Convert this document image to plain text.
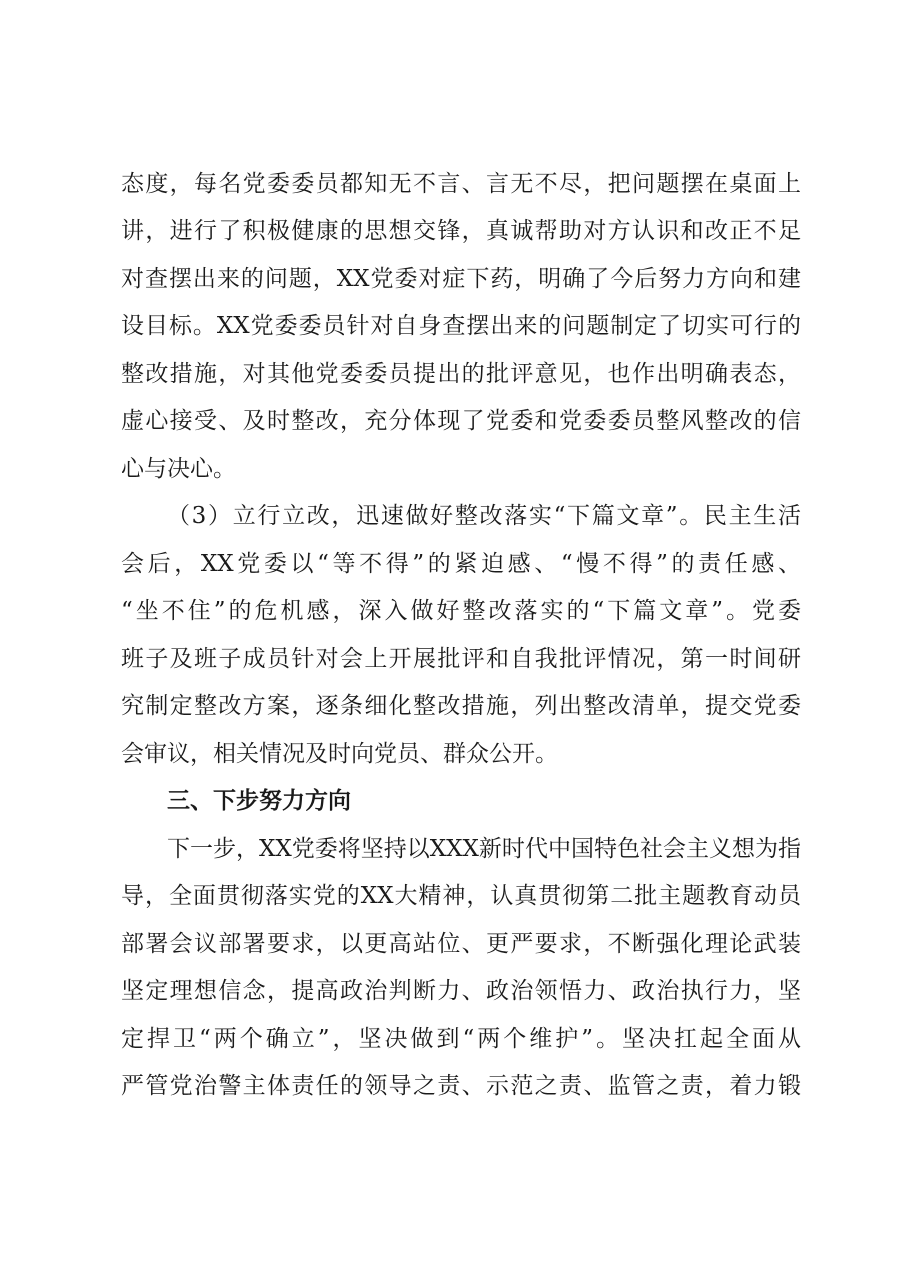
态度，每名党委委员都知无不言、言无不尽，把问题摆在桌面上
讲，进行了积极健康的思想交锋，真诚帮助对方认识和改正不足
对查摆出来的问题，XX党委对症下药，明确了今后努力方向和建
设目标。XX党委委员针对自身查摆出来的问题制定了切实可行的
整改措施，对其他党委委员提出的批评意见，也作出明确表态，
虚心接受、及时整改，充分体现了党委和党委委员整风整改的信
心与决心。
（3）立行立改，迅速做好整改落实“下篇文章”。民主生活
会后，XX党委以“等不得”的紧迫感、“慢不得”的责任感、
“坐不住”的危机感，深入做好整改落实的“下篇文章”。党委
班子及班子成员针对会上开展批评和自我批评情况，第一时间研
究制定整改方案，逐条细化整改措施，列出整改清单，提交党委
会审议，相关情况及时向党员、群众公开。
三、下步努力方向
下一步，XX党委将坚持以XXX新时代中国特色社会主义想为指
导，全面贯彻落实党的XX大精神，认真贯彻第二批主题教育动员
部署会议部署要求，以更高站位、更严要求，不断强化理论武装
坚定理想信念，提高政治判断力、政治领悟力、政治执行力，坚
定捍卫“两个确立”，坚决做到“两个维护”。坚决扛起全面从
严管党治警主体责任的领导之责、示范之责、监管之责，着力锻
